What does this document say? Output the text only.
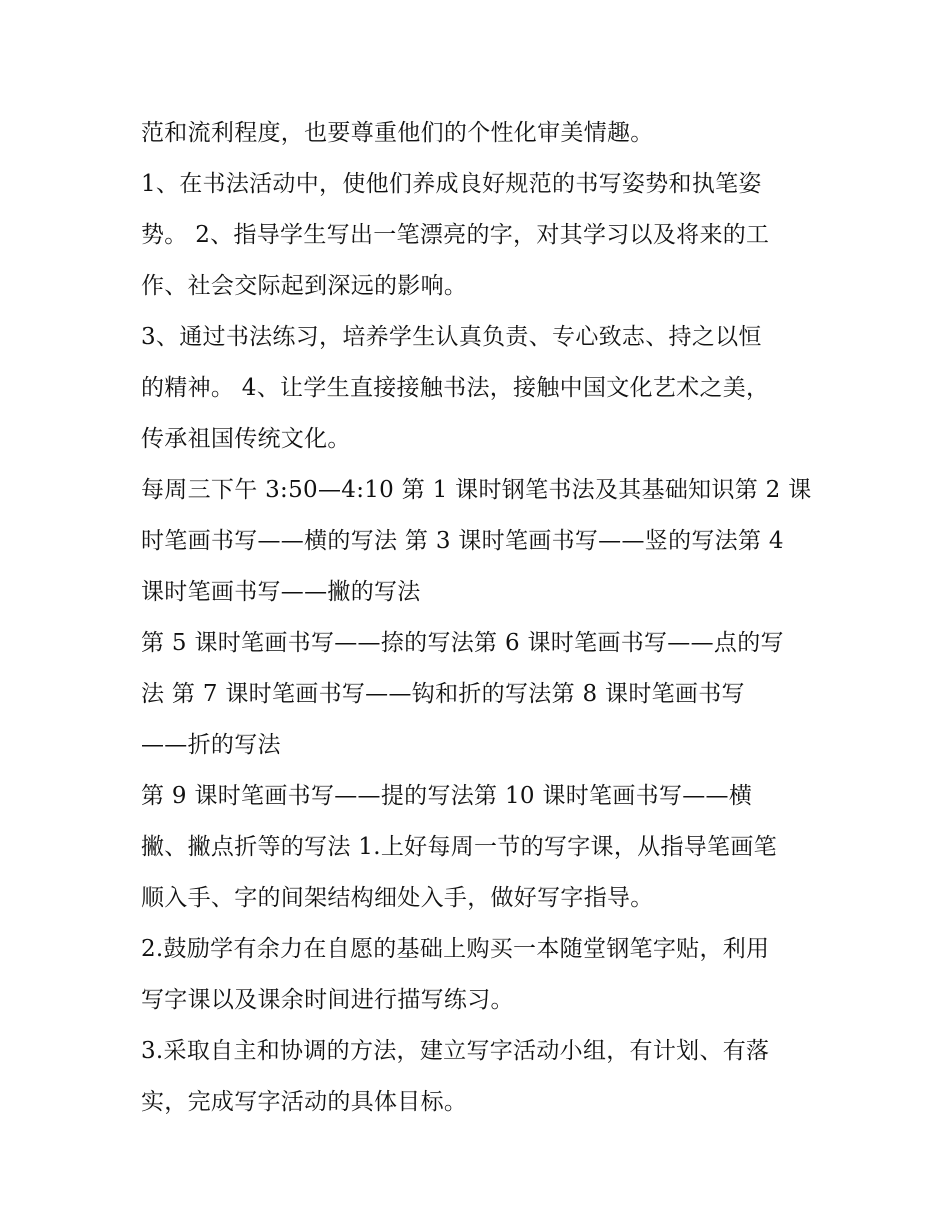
范和流利程度，也要尊重他们的个性化审美情趣。
1、在书法活动中，使他们养成良好规范的书写姿势和执笔姿
势。 2、指导学生写出一笔漂亮的字，对其学习以及将来的工
作、社会交际起到深远的影响。
3、通过书法练习，培养学生认真负责、专心致志、持之以恒
的精神。 4、让学生直接接触书法，接触中国文化艺术之美，
传承祖国传统文化。
每周三下午 3:50—4:10 第 1 课时钢笔书法及其基础知识第 2 课
时笔画书写——横的写法 第 3 课时笔画书写——竖的写法第 4
课时笔画书写——撇的写法
第 5 课时笔画书写——捺的写法第 6 课时笔画书写——点的写
法 第 7 课时笔画书写——钩和折的写法第 8 课时笔画书写
——折的写法
第 9 课时笔画书写——提的写法第 10 课时笔画书写——横
撇、撇点折等的写法 1.上好每周一节的写字课，从指导笔画笔
顺入手、字的间架结构细处入手，做好写字指导。
2.鼓励学有余力在自愿的基础上购买一本随堂钢笔字贴，利用
写字课以及课余时间进行描写练习。
3.采取自主和协调的方法，建立写字活动小组，有计划、有落
实，完成写字活动的具体目标。
